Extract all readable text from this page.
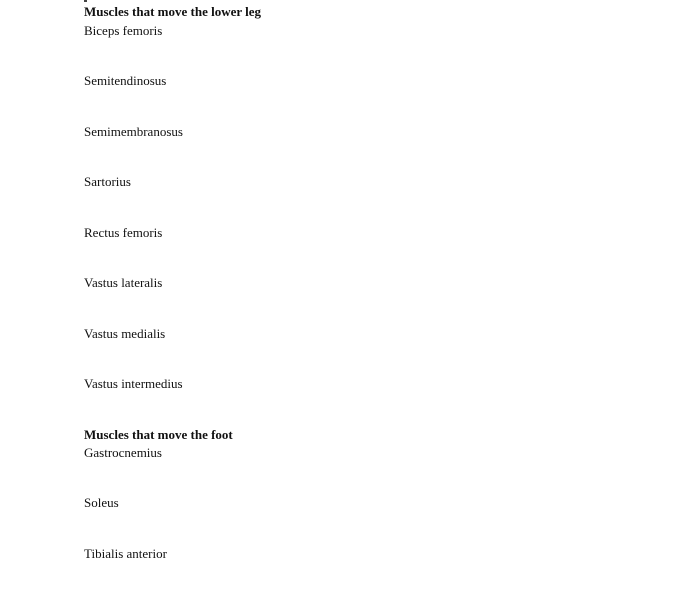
Muscles that move the lower leg
Biceps femoris
Semitendinosus
Semimembranosus
Sartorius
Rectus femoris
Vastus lateralis
Vastus medialis
Vastus intermedius
Muscles that move the foot
Gastrocnemius
Soleus
Tibialis anterior
